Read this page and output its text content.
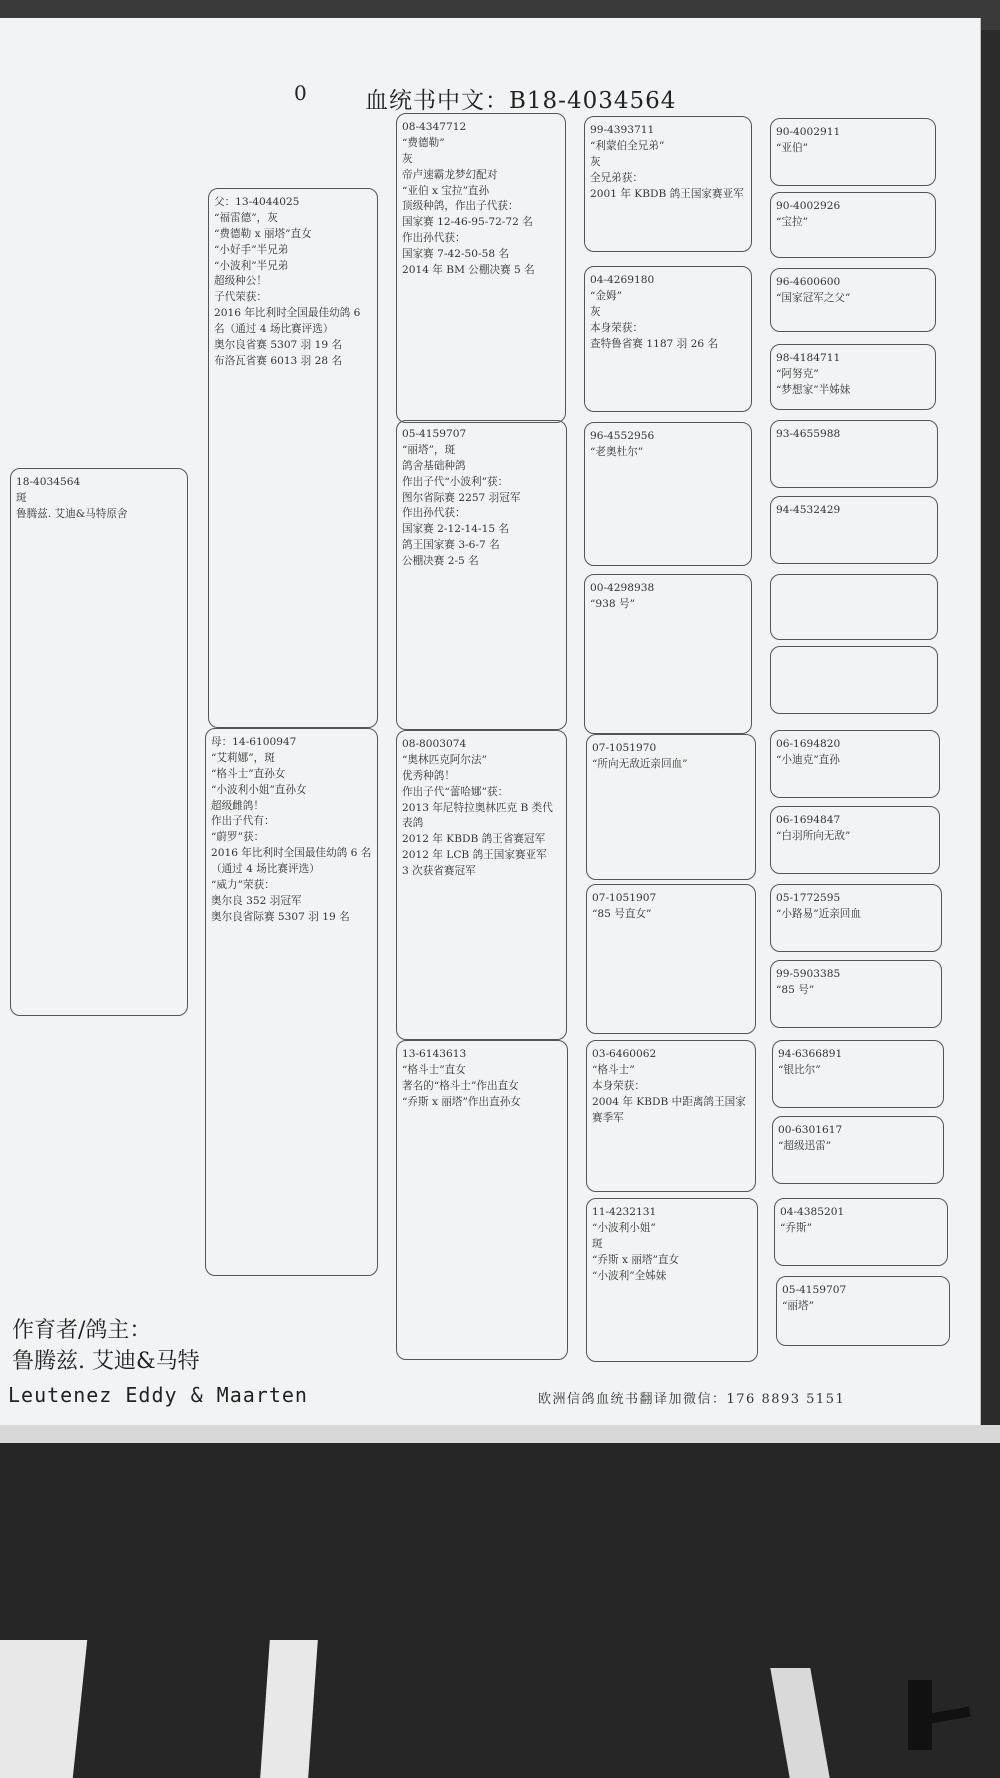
0	血统书中文：B18-4034564
18-4034564
斑
鲁腾兹. 艾迪&马特原舍
父：13-4044025
“福雷德”，灰
“费德勒 x 丽塔”直女
“小好手”半兄弟
“小波利”半兄弟
超级种公！
子代荣获：
2016 年比利时全国最佳幼鸽 6 名（通过 4 场比赛评选）
奥尔良省赛 5307 羽 19 名
布洛瓦省赛 6013 羽 28 名
母：14-6100947
“艾莉娜”，斑
“格斗士”直孙女
“小波利小姐”直孙女
超级雌鸽！
作出子代有：
“蔚罗”获：
2016 年比利时全国最佳幼鸽 6 名（通过 4 场比赛评选）
“威力”荣获：
奥尔良 352 羽冠军
奥尔良省际赛 5307 羽 19 名
08-4347712
“费德勒”
灰
帝卢速霸龙梦幻配对
“亚伯 x 宝拉”直孙
顶级种鸽，作出子代获：
国家赛 12-46-95-72-72 名
作出孙代获：
国家赛 7-42-50-58 名
2014 年 BM 公棚决赛 5 名
05-4159707
“丽塔”，斑
鸽舍基础种鸽
作出子代“小波利”获：
图尔省际赛 2257 羽冠军
作出孙代获：
国家赛 2-12-14-15 名
鸽王国家赛 3-6-7 名
公棚决赛 2-5 名
08-8003074
“奥林匹克阿尔法”
优秀种鸽！
作出子代“蕾哈娜”获：
2013 年尼特拉奥林匹克 B 类代表鸽
2012 年 KBDB 鸽王省赛冠军
2012 年 LCB 鸽王国家赛亚军
3 次获省赛冠军
13-6143613
“格斗士”直女
著名的“格斗士”作出直女
“乔斯 x 丽塔”作出直孙女
99-4393711
“利蒙伯全兄弟”
灰
全兄弟获：
2001 年 KBDB 鸽王国家赛亚军
04-4269180
“金姆”
灰
本身荣获：
查特鲁省赛 1187 羽 26 名
96-4552956
“老奥杜尔”
00-4298938
“938 号”
07-1051970
“所向无敌近亲回血”
07-1051907
“85 号直女”
03-6460062
“格斗士”
本身荣获：
2004 年 KBDB 中距离鸽王国家赛季军
11-4232131
“小波利小姐”
斑
“乔斯 x 丽塔”直女
“小波利”全姊妹
90-4002911
“亚伯”
90-4002926
“宝拉”
96-4600600
“国家冠军之父”
98-4184711
“阿努克”
“梦想家”半姊妹
93-4655988
94-4532429
06-1694820
“小迪克”直孙
06-1694847
“白羽所向无敌”
05-1772595
“小路易”近亲回血
99-5903385
“85 号”
94-6366891
“银比尔”
00-6301617
“超级迅雷”
04-4385201
“乔斯”
05-4159707
“丽塔”
作育者/鸽主：
鲁腾兹. 艾迪&马特
Leutenez Eddy & Maarten	欧洲信鸽血统书翻译加微信：176 8893 5151
